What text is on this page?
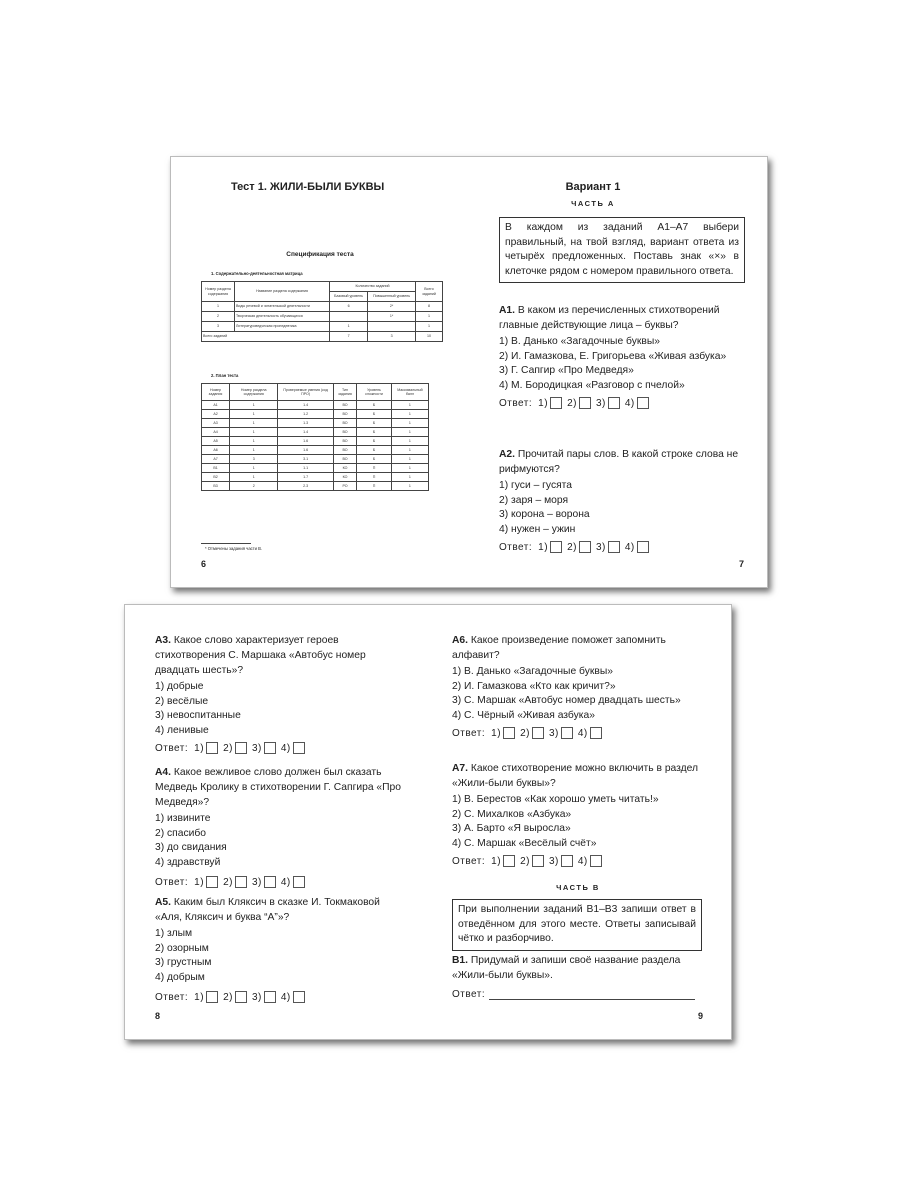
Тест 1. ЖИЛИ-БЫЛИ БУКВЫ
Спецификация теста
1. Содержательно-деятельностная матрица
Номер раздела содержания	Название раздела содержания	Количество заданий		Всего заданий
		Базовый уровень	Повышенный уровень	
1	Виды речевой и читательской деятельности	6	2*	8
2	Творческая деятельность обучающихся		1*	1
3	Литературоведческая пропедевтика	1		1
Всего заданий		7	3	10
2. План теста
Номер задания	Номер раздела содержания	Проверяемые умения (код ПРО)	Тип задания	Уровень сложности	Максимальный балл
А1	1	1.4	ВО	Б	1
А2	1	1.2	ВО	Б	1
А3	1	1.3	ВО	Б	1
А4	1	1.4	ВО	Б	1
А5	1	1.6	ВО	Б	1
А6	1	1.6	ВО	Б	1
А7	3	3.1	ВО	Б	1
В1	1	1.1	КО	П	1
В2	1	1.7	КО	П	1
В3	2	2.3	РО	П	1
* Отмечены задания части В.
6
Вариант 1
ЧАСТЬ А
В каждом из заданий А1–А7 выбери правильный, на твой взгляд, вариант ответа из четырёх предложенных. Поставь знак «×» в клеточке рядом с номером правильного ответа.
А1. В каком из перечисленных стихотворений главные действующие лица – буквы?
1) В. Данько «Загадочные буквы»
2) И. Гамазкова, Е. Григорьева «Живая азбука»
3) Г. Сапгир «Про Медведя»
4) М. Бородицкая «Разговор с пчелой»
Ответ: 1) 2) 3) 4)
А2. Прочитай пары слов. В какой строке слова не рифмуются?
1) гуси – гусята
2) заря – моря
3) корона – ворона
4) нужен – ужин
Ответ: 1) 2) 3) 4)
7
А3. Какое слово характеризует героев стихотворения С. Маршака «Автобус номер двадцать шесть»?
1) добрые
2) весёлые
3) невоспитанные
4) ленивые
Ответ: 1) 2) 3) 4)
А4. Какое вежливое слово должен был сказать Медведь Кролику в стихотворении Г. Сапгира «Про Медведя»?
1) извините
2) спасибо
3) до свидания
4) здравствуй
Ответ: 1) 2) 3) 4)
А5. Каким был Кляксич в сказке И. Токмаковой «Аля, Кляксич и буква “А”»?
1) злым
2) озорным
3) грустным
4) добрым
Ответ: 1) 2) 3) 4)
8
А6. Какое произведение поможет запомнить алфавит?
1) В. Данько «Загадочные буквы»
2) И. Гамазкова «Кто как кричит?»
3) С. Маршак «Автобус номер двадцать шесть»
4) С. Чёрный «Живая азбука»
Ответ: 1) 2) 3) 4)
А7. Какое стихотворение можно включить в раздел «Жили-были буквы»?
1) В. Берестов «Как хорошо уметь читать!»
2) С. Михалков «Азбука»
3) А. Барто «Я выросла»
4) С. Маршак «Весёлый счёт»
Ответ: 1) 2) 3) 4)
ЧАСТЬ В
При выполнении заданий В1–В3 запиши ответ в отведённом для этого месте. Ответы записывай чётко и разборчиво.
В1. Придумай и запиши своё название раздела «Жили-были буквы».
Ответ:
9
